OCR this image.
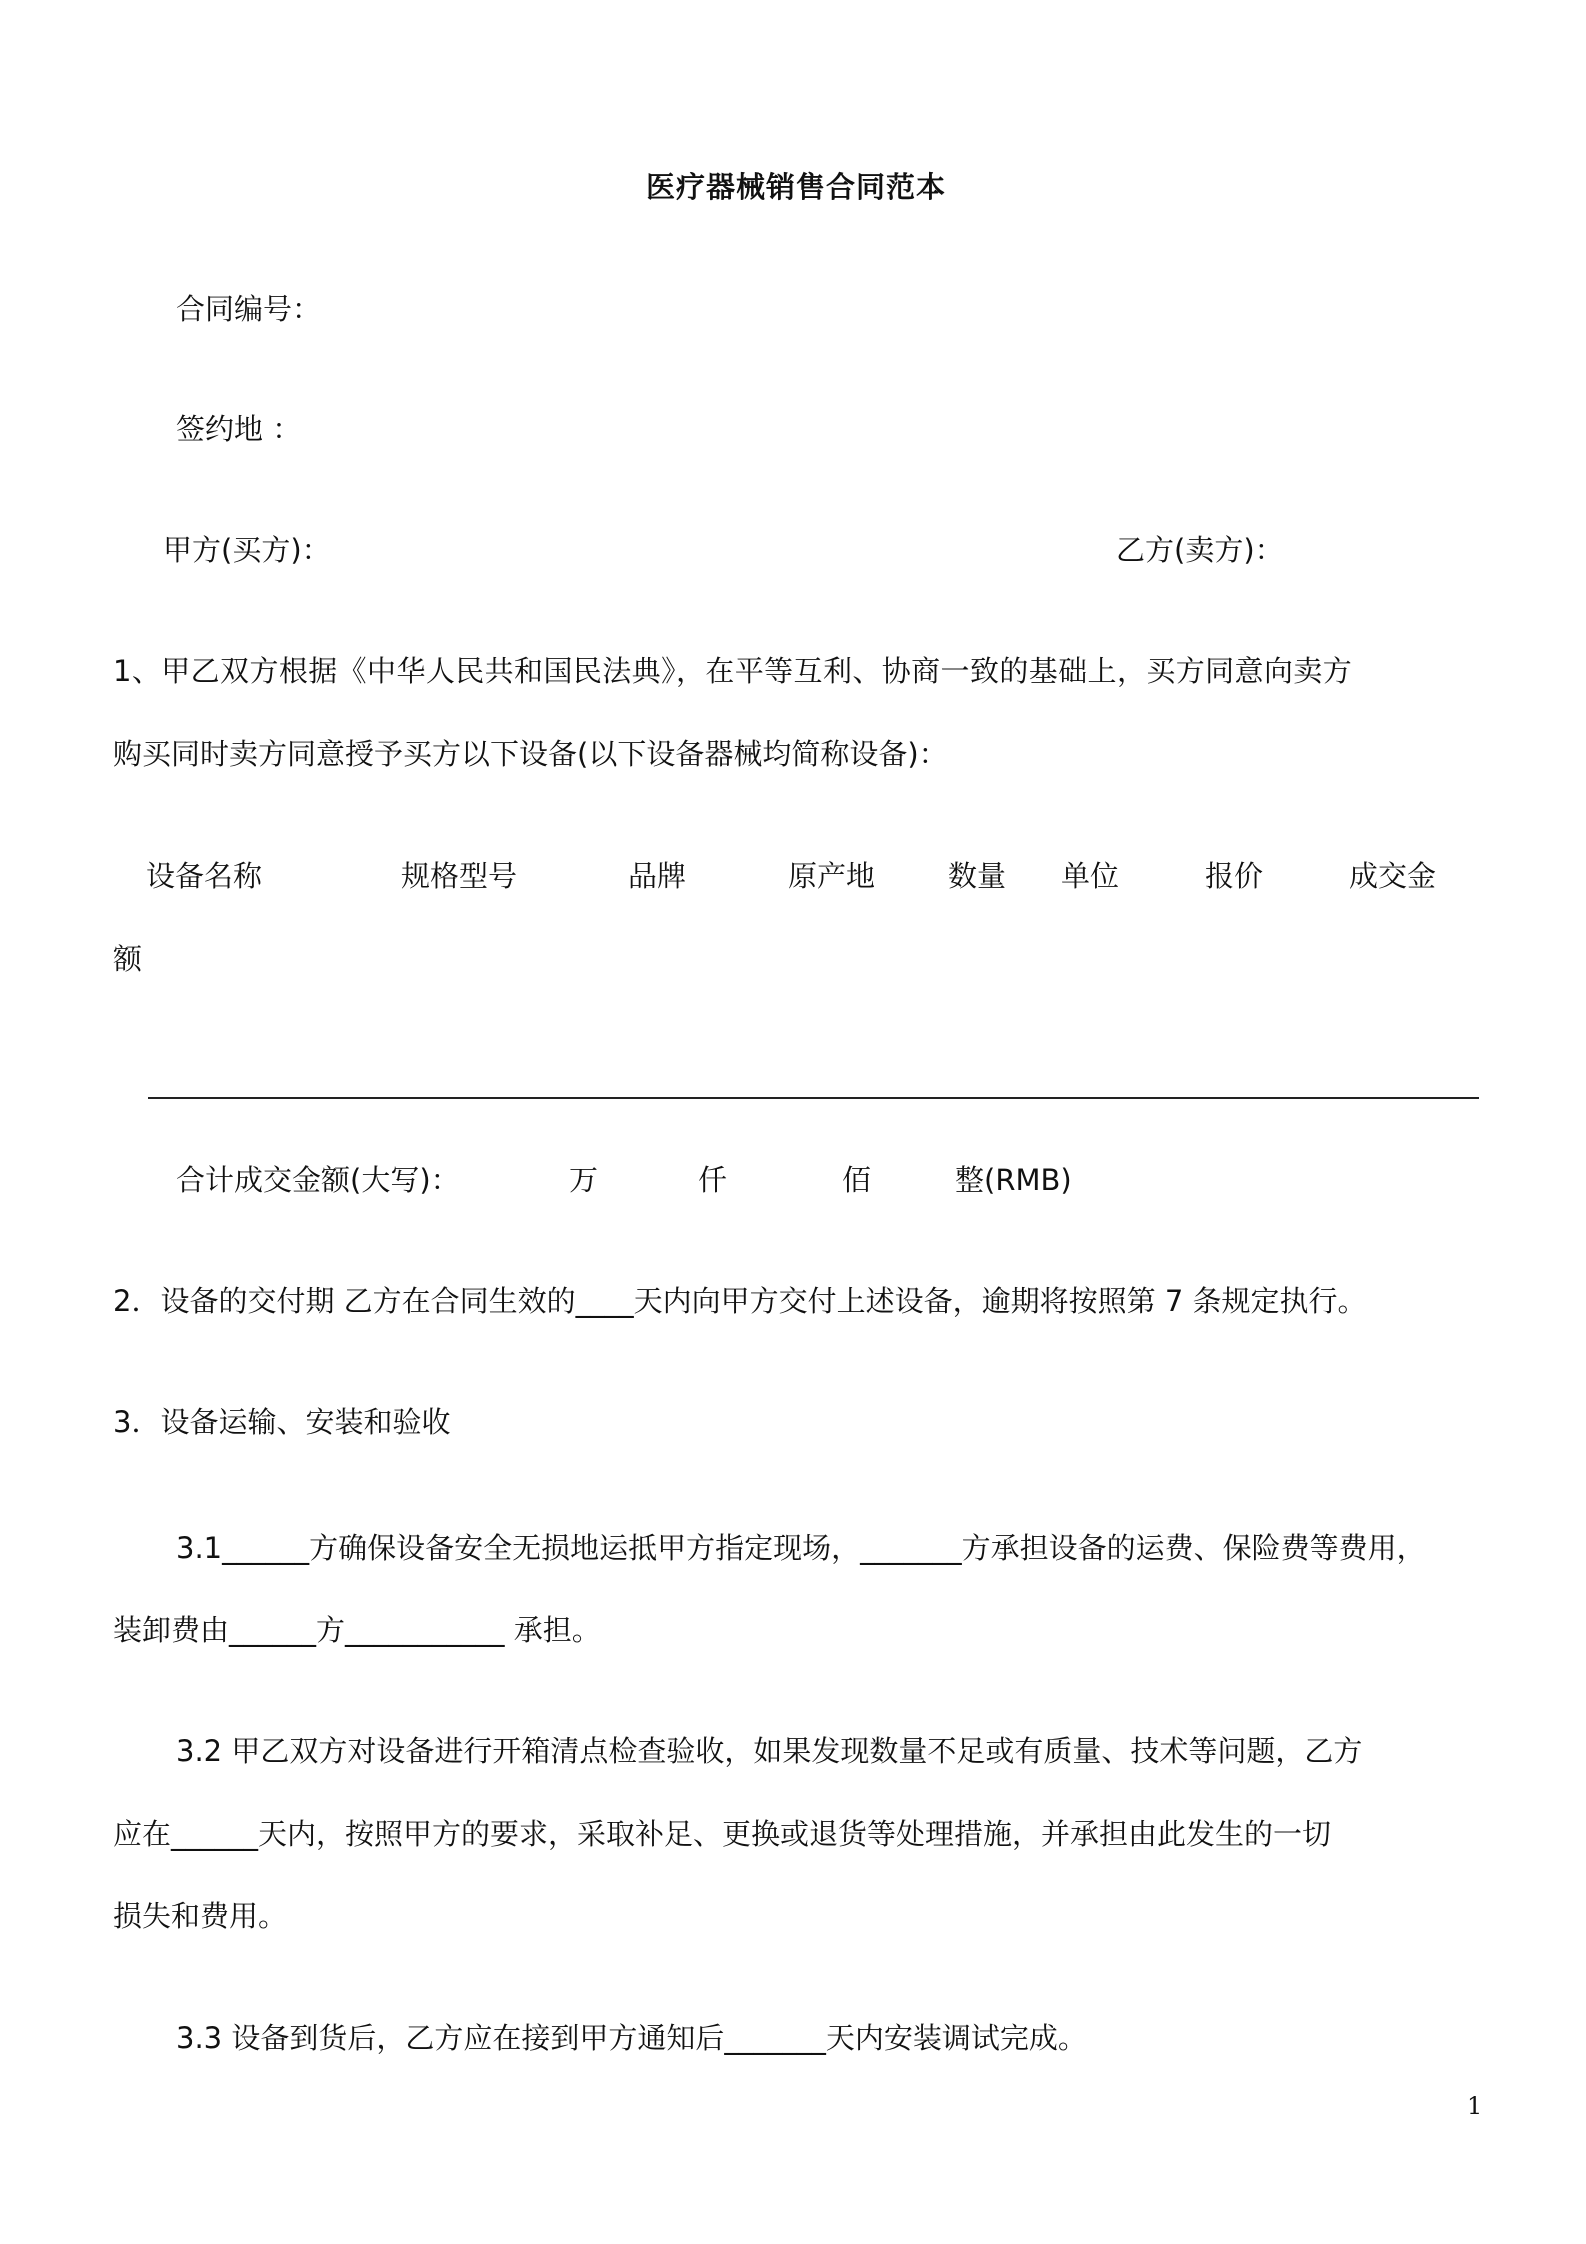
医疗器械销售合同范本
合同编号：
签约地 ：
甲方(买方)：	乙方(卖方)：
1、甲乙双方根据《中华人民共和国民法典》，在平等互利、协商一致的基础上，买方同意向卖方
购买同时卖方同意授予买方以下设备(以下设备器械均简称设备)：
设备名称	规格型号	品牌	原产地	数量 单位	报价	成交金
额
合计成交金额(大写)：	万	仟	佰	整(RMB)
2．设备的交付期 乙方在合同生效的____天内向甲方交付上述设备，逾期将按照第 7 条规定执行。
3．设备运输、安装和验收
3.1______方确保设备安全无损地运抵甲方指定现场，_______方承担设备的运费、保险费等费用，
装卸费由______方___________ 承担。
3.2 甲乙双方对设备进行开箱清点检查验收，如果发现数量不足或有质量、技术等问题，乙方
应在______天内，按照甲方的要求，采取补足、更换或退货等处理措施，并承担由此发生的一切
损失和费用。
3.3 设备到货后，乙方应在接到甲方通知后_______天内安装调试完成。
1
